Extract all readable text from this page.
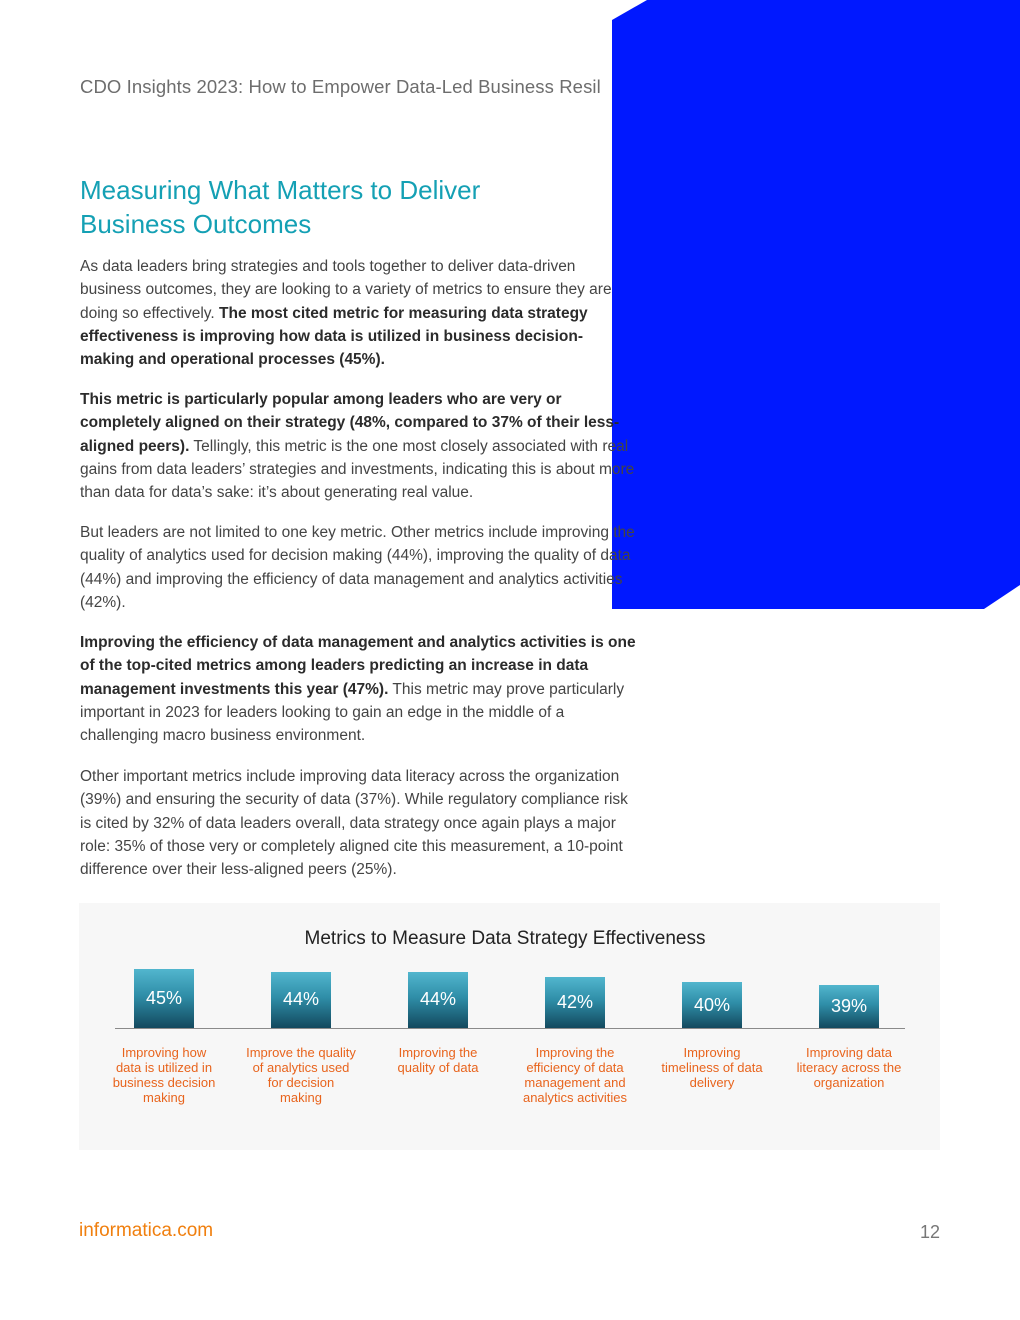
CDO Insights 2023: How to Empower Data-Led Business Resil
Measuring What Matters to Deliver
Business Outcomes

As data leaders bring strategies and tools together to deliver data-driven business outcomes, they are looking to a variety of metrics to ensure they are doing so effectively. The most cited metric for measuring data strategy effectiveness is improving how data is utilized in business decision-making and operational processes (45%).

This metric is particularly popular among leaders who are very or completely aligned on their strategy (48%, compared to 37% of their less-aligned peers). Tellingly, this metric is the one most closely associated with real gains from data leaders’ strategies and investments, indicating this is about more than data for data’s sake: it’s about generating real value.

But leaders are not limited to one key metric. Other metrics include improving the quality of analytics used for decision making (44%), improving the quality of data (44%) and improving the efficiency of data management and analytics activities (42%).

Improving the efficiency of data management and analytics activities is one of the top-cited metrics among leaders predicting an increase in data management investments this year (47%). This metric may prove particularly important in 2023 for leaders looking to gain an edge in the middle of a challenging macro business environment.

Other important metrics include improving data literacy across the organization (39%) and ensuring the security of data (37%). While regulatory compliance risk is cited by 32% of data leaders overall, data strategy once again plays a major role: 35% of those very or completely aligned cite this measurement, a 10-point difference over their less-aligned peers (25%).

Metrics to Measure Data Strategy Effectiveness
45%
Improving how data is utilized in business decision making
44%
Improve the quality of analytics used for decision making
44%
Improving the quality of data
42%
Improving the efficiency of data management and analytics activities
40%
Improving timeliness of data delivery
39%
Improving data literacy across the organization
informatica.com	12
